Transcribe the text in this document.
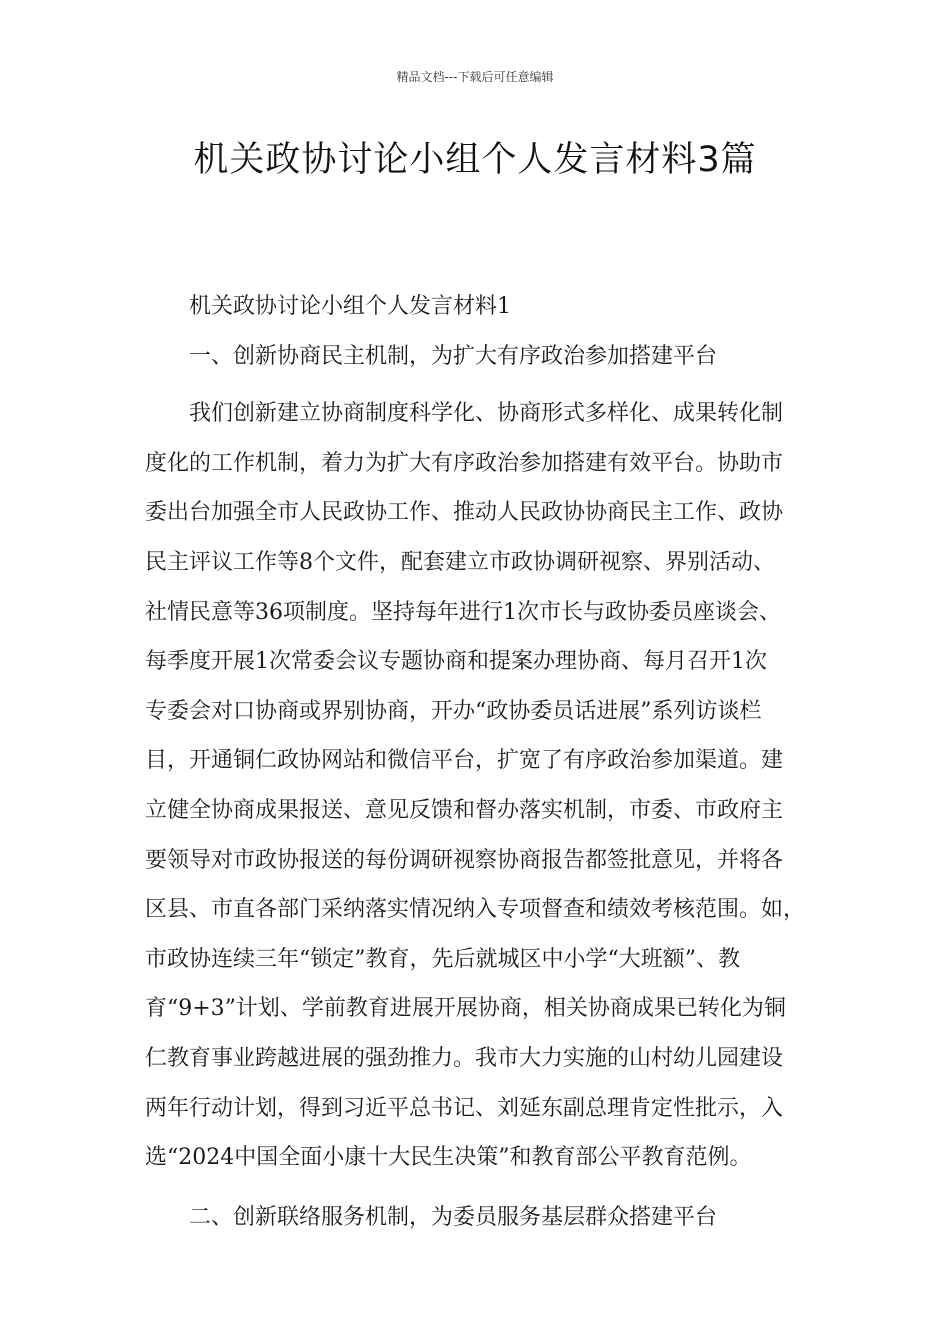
精品文档---下载后可任意编辑
机关政协讨论小组个人发言材料3篇
机关政协讨论小组个人发言材料1
一、创新协商民主机制，为扩大有序政治参加搭建平台
我们创新建立协商制度科学化、协商形式多样化、成果转化制
度化的工作机制，着力为扩大有序政治参加搭建有效平台。协助市
委出台加强全市人民政协工作、推动人民政协协商民主工作、政协
民主评议工作等8个文件，配套建立市政协调研视察、界别活动、
社情民意等36项制度。坚持每年进行1次市长与政协委员座谈会、
每季度开展1次常委会议专题协商和提案办理协商、每月召开1次
专委会对口协商或界别协商，开办“政协委员话进展”系列访谈栏
目，开通铜仁政协网站和微信平台，扩宽了有序政治参加渠道。建
立健全协商成果报送、意见反馈和督办落实机制，市委、市政府主
要领导对市政协报送的每份调研视察协商报告都签批意见，并将各
区县、市直各部门采纳落实情况纳入专项督查和绩效考核范围。如，
市政协连续三年“锁定”教育，先后就城区中小学“大班额”、教
育“9+3”计划、学前教育进展开展协商，相关协商成果已转化为铜
仁教育事业跨越进展的强劲推力。我市大力实施的山村幼儿园建设
两年行动计划，得到习近平总书记、刘延东副总理肯定性批示，入
选“2024中国全面小康十大民生决策”和教育部公平教育范例。
二、创新联络服务机制，为委员服务基层群众搭建平台
